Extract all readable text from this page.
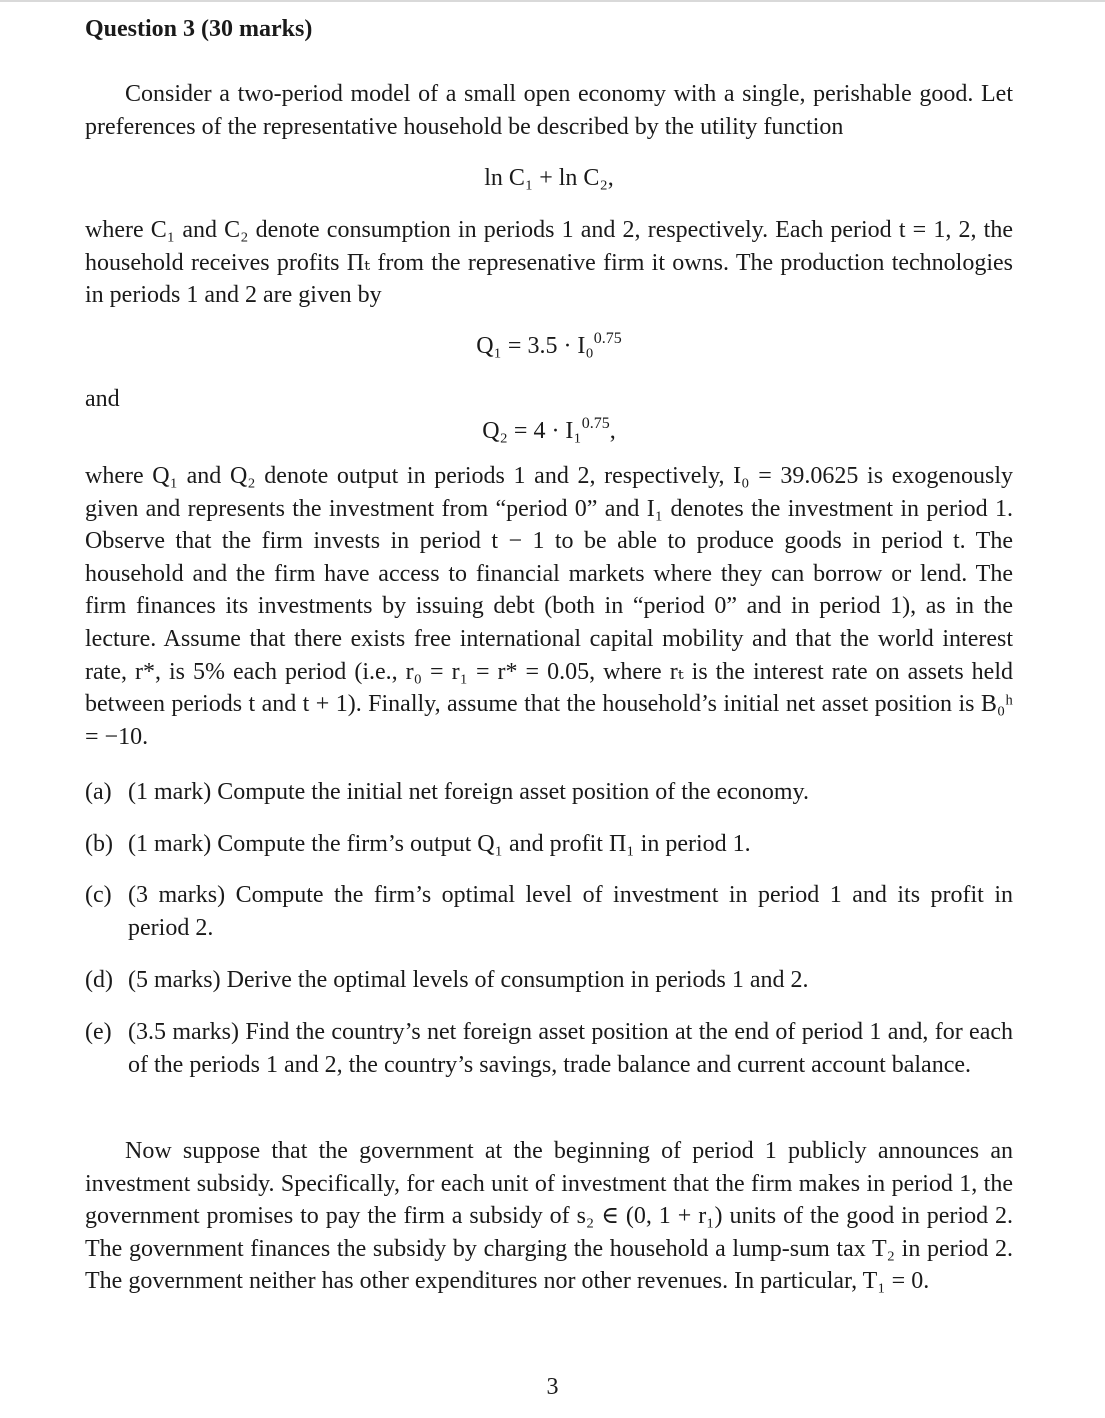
Question 3 (30 marks)

Consider a two-period model of a small open economy with a single, perishable good. Let preferences of the representative household be described by the utility function

ln C₁ + ln C₂,

where C₁ and C₂ denote consumption in periods 1 and 2, respectively. Each period t = 1, 2, the household receives profits Πₜ from the represenative firm it owns. The production technologies in periods 1 and 2 are given by

Q₁ = 3.5 · I₀$^{0.75}$
and
Q₂ = 4 · I₁$^{0.75}$,

where Q₁ and Q₂ denote output in periods 1 and 2, respectively, I₀ = 39.0625 is exogenously given and represents the investment from “period 0” and I₁ denotes the investment in period 1. Observe that the firm invests in period t − 1 to be able to produce goods in period t. The household and the firm have access to financial markets where they can borrow or lend. The firm finances its investments by issuing debt (both in “period 0” and in period 1), as in the lecture. Assume that there exists free international capital mobility and that the world interest rate, r*, is 5% each period (i.e., r₀ = r₁ = r* = 0.05, where rₜ is the interest rate on assets held between periods t and t + 1). Finally, assume that the household’s initial net asset position is B₀ʰ = −10.

(a) (1 mark) Compute the initial net foreign asset position of the economy.
(b) (1 mark) Compute the firm’s output Q₁ and profit Π₁ in period 1.
(c) (3 marks) Compute the firm’s optimal level of investment in period 1 and its profit in period 2.
(d) (5 marks) Derive the optimal levels of consumption in periods 1 and 2.
(e) (3.5 marks) Find the country’s net foreign asset position at the end of period 1 and, for each of the periods 1 and 2, the country’s savings, trade balance and current account balance.

Now suppose that the government at the beginning of period 1 publicly announces an investment subsidy. Specifically, for each unit of investment that the firm makes in period 1, the government promises to pay the firm a subsidy of s₂ ∈ (0, 1 + r₁) units of the good in period 2. The government finances the subsidy by charging the household a lump-sum tax T₂ in period 2. The government neither has other expenditures nor other revenues. In particular, T₁ = 0.

3
